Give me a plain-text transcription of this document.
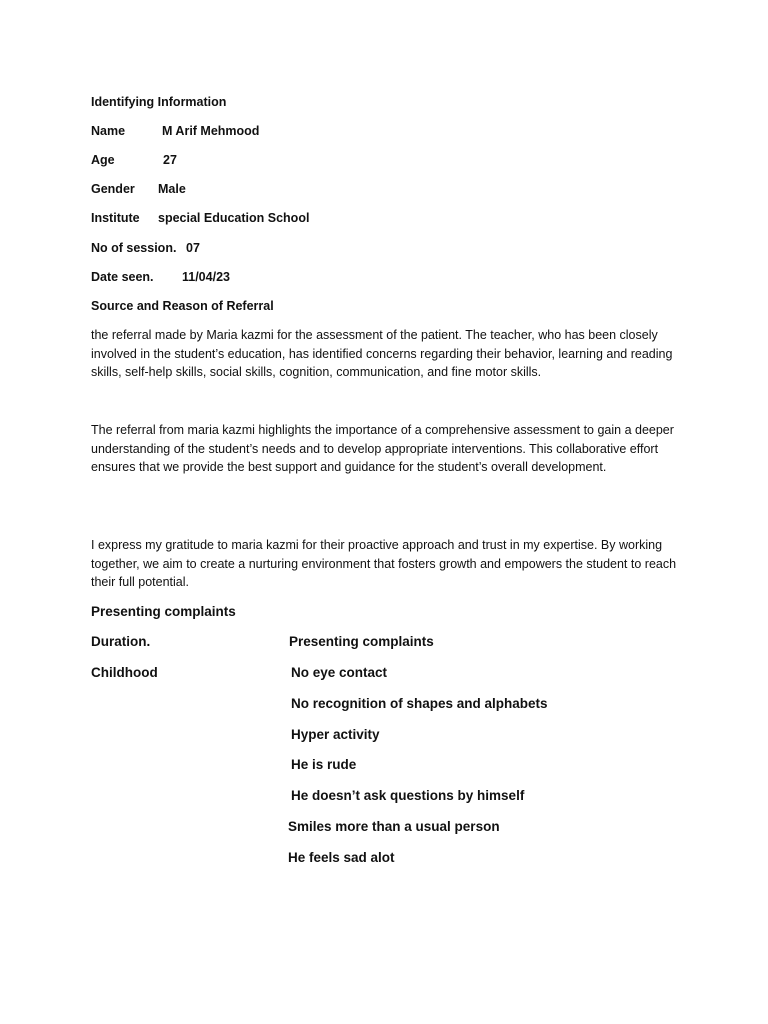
Identifying Information
Name	M Arif Mehmood
Age	27
Gender Male
Institute special Education School
No of session. 07
Date seen. 11/04/23
Source and Reason of Referral
the referral made by Maria kazmi for the assessment of the patient. The teacher, who has been closely involved in the student’s education, has identified concerns regarding their behavior, learning and reading skills, self-help skills, social skills, cognition, communication, and fine motor skills.
The referral from maria kazmi highlights the importance of a comprehensive assessment to gain a deeper understanding of the student’s needs and to develop appropriate interventions. This collaborative effort ensures that we provide the best support and guidance for the student’s overall development.
I express my gratitude to maria kazmi for their proactive approach and trust in my expertise. By working together, we aim to create a nurturing environment that fosters growth and empowers the student to reach their full potential.
Presenting complaints
Duration.	Presenting complaints
Childhood	No eye contact
No recognition of shapes and alphabets
Hyper activity
He is rude
He doesn’t ask questions by himself
Smiles more than a usual person
He feels sad alot
